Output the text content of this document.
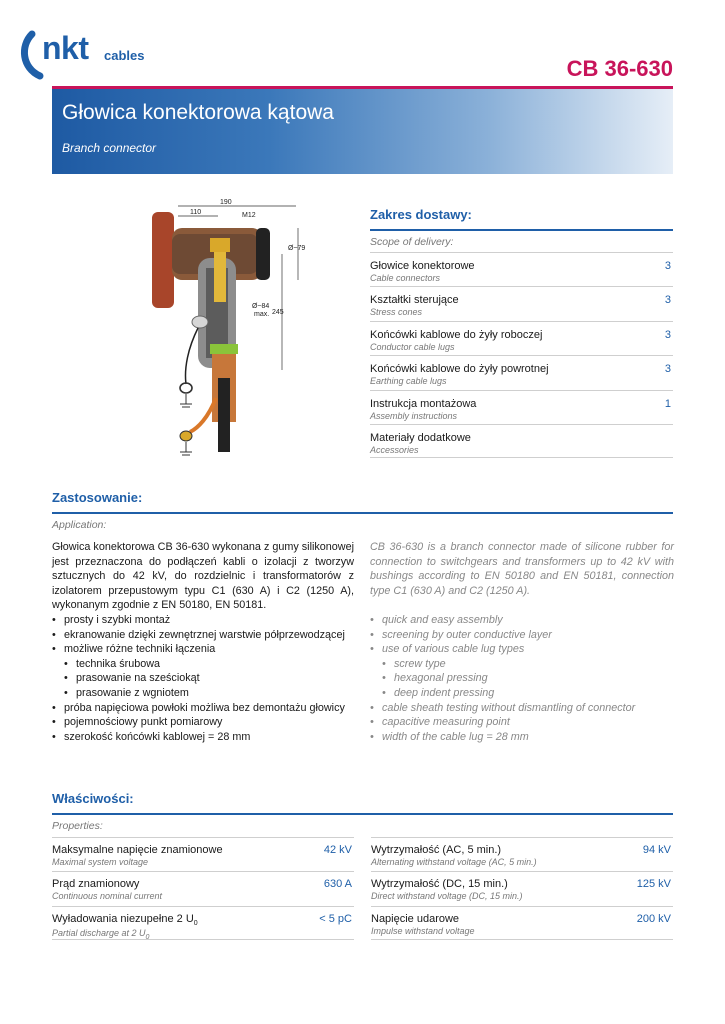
nkt cables
CB 36-630
Głowica konektorowa kątowa
Branch connector
190
110	M12
Ø~79
Ø~84
max. 245
Zakres dostawy:
Scope of delivery:
Głowice konektorowe
Cable connectors
3
Kształtki sterujące
Stress cones
3
Końcówki kablowe do żyły roboczej
Conductor cable lugs
3
Końcówki kablowe do żyły powrotnej
Earthing cable lugs
3
Instrukcja montażowa
Assembly instructions
1
Materiały dodatkowe
Accessories
Zastosowanie:
Application:
Głowica konektorowa CB 36-630 wykonana z gumy silikonowej jest przeznaczona do podłączeń kabli o izolacji z tworzyw sztucznych do 42 kV, do rozdzielnic i transformatorów z izolatorem przepustowym typu C1 (630 A) i C2 (1250 A), wykonanym zgodnie z EN 50180, EN 50181.
• prosty i szybki montaż
• ekranowanie dzięki zewnętrznej warstwie półprzewodzącej
• możliwe różne techniki łączenia
• technika śrubowa
• prasowanie na sześciokąt
• prasowanie z wgniotem
• próba napięciowa powłoki możliwa bez demontażu głowicy
• pojemnościowy punkt pomiarowy
• szerokość końcówki kablowej = 28 mm
CB 36-630 is a branch connector made of silicone rubber for connection to switchgears and transformers up to 42 kV with bushings according to EN 50180 and EN 50181, connection type C1 (630 A) and C2 (1250 A).
• quick and easy assembly
• screening by outer conductive layer
• use of various cable lug types
• screw type
• hexagonal pressing
• deep indent pressing
• cable sheath testing without dismantling of connector
• capacitive measuring point
• width of the cable lug = 28 mm
Właściwości:
Properties:
Maksymalne napięcie znamionowe
Maximal system voltage
42 kV
Prąd znamionowy
Continuous nominal current
630 A
Wyładowania niezupełne 2 $U_0$
Partial discharge at 2 $U_0$
< 5 pC
Wytrzymałość (AC, 5 min.)
Alternating withstand voltage (AC, 5 min.)
94 kV
Wytrzymałość (DC, 15 min.)
Direct withstand voltage (DC, 15 min.)
125 kV
Napięcie udarowe
Impulse withstand voltage
200 kV
